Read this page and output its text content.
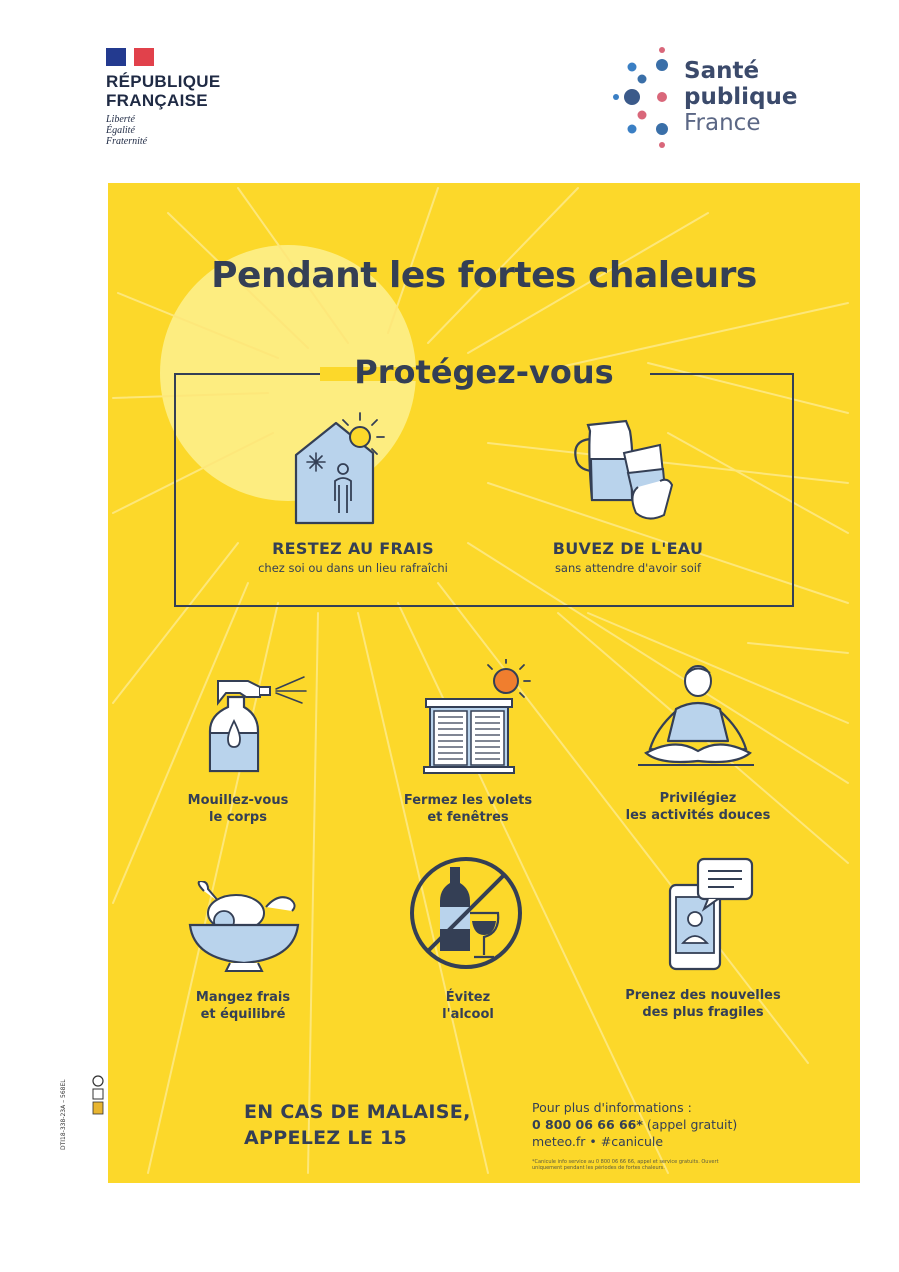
RÉPUBLIQUE
FRANÇAISE
Liberté
Égalité
Fraternité
Santé
publique
France
DTI18-338-23A – 568EL
Pendant les fortes chaleurs
Protégez-vous
RESTEZ AU FRAIS
chez soi ou dans un lieu rafraîchi
BUVEZ DE L'EAU
sans attendre d'avoir soif
Mouillez-vous
le corps
Fermez les volets
et fenêtres
Privilégiez
les activités douces
Mangez frais
et équilibré
Évitez
l'alcool
Prenez des nouvelles
des plus fragiles
EN CAS DE MALAISE,
APPELEZ LE 15
Pour plus d'informations :
0 800 06 66 66* (appel gratuit)
meteo.fr • #canicule
*Canicule info service au 0 800 06 66 66, appel et service gratuits. Ouvert uniquement pendant les périodes de fortes chaleurs.
